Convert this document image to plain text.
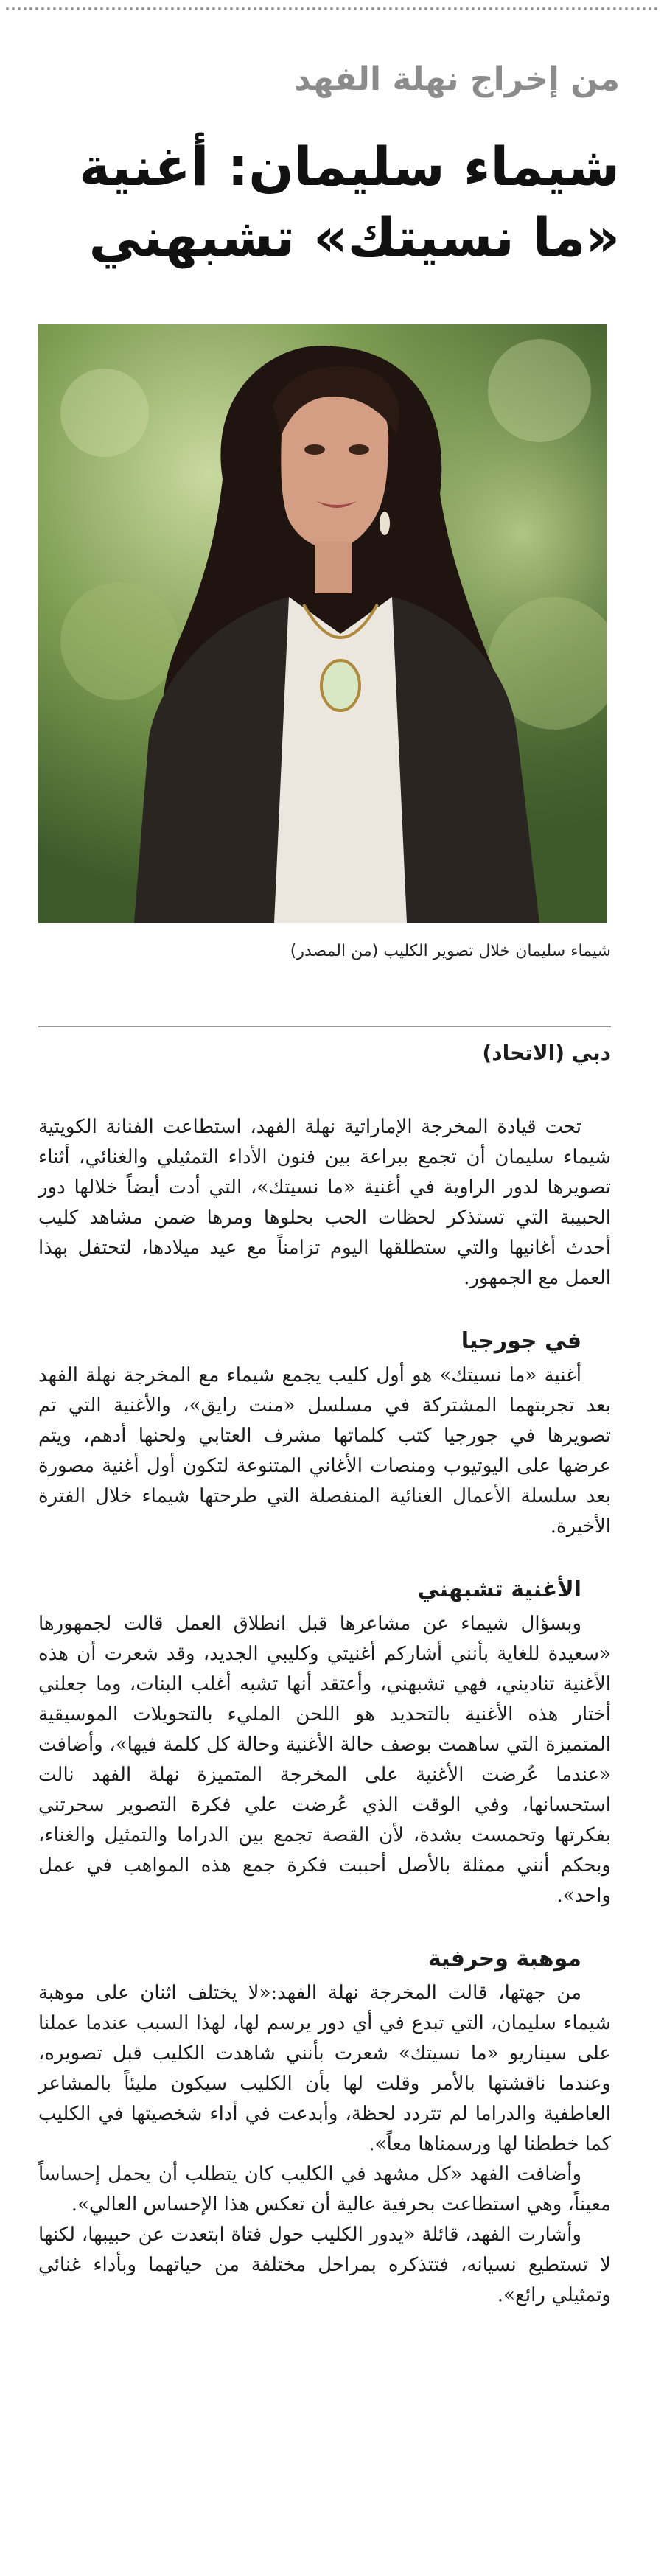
من إخراج نهلة الفهد
شيماء سليمان: أغنية
«ما نسيتك» تشبهني
شيماء سليمان خلال تصوير الكليب (من المصدر)

دبي (الاتحاد)

تحت قيادة المخرجة الإماراتية نهلة الفهد، استطاعت الفنانة الكويتية شيماء سليمان أن تجمع ببراعة بين فنون الأداء التمثيلي والغنائي، أثناء تصويرها لدور الراوية في أغنية «ما نسيتك»، التي أدت أيضاً خلالها دور الحبيبة التي تستذكر لحظات الحب بحلوها ومرها ضمن مشاهد كليب أحدث أغانيها والتي ستطلقها اليوم تزامناً مع عيد ميلادها، لتحتفل بهذا العمل مع الجمهور.

في جورجيا

أغنية «ما نسيتك» هو أول كليب يجمع شيماء مع المخرجة نهلة الفهد بعد تجربتهما المشتركة في مسلسل «منت رايق»، والأغنية التي تم تصويرها في جورجيا كتب كلماتها مشرف العتابي ولحنها أدهم، ويتم عرضها على اليوتيوب ومنصات الأغاني المتنوعة لتكون أول أغنية مصورة بعد سلسلة الأعمال الغنائية المنفصلة التي طرحتها شيماء خلال الفترة الأخيرة.

الأغنية تشبهني

وبسؤال شيماء عن مشاعرها قبل انطلاق العمل قالت لجمهورها «سعيدة للغاية بأنني أشاركم أغنيتي وكليبي الجديد، وقد شعرت أن هذه الأغنية تناديني، فهي تشبهني، وأعتقد أنها تشبه أغلب البنات، وما جعلني أختار هذه الأغنية بالتحديد هو اللحن المليء بالتحويلات الموسيقية المتميزة التي ساهمت بوصف حالة الأغنية وحالة كل كلمة فيها»، وأضافت «عندما عُرضت الأغنية على المخرجة المتميزة نهلة الفهد نالت استحسانها، وفي الوقت الذي عُرضت علي فكرة التصوير سحرتني بفكرتها وتحمست بشدة، لأن القصة تجمع بين الدراما والتمثيل والغناء، وبحكم أنني ممثلة بالأصل أحببت فكرة جمع هذه المواهب في عمل واحد».

موهبة وحرفية

من جهتها، قالت المخرجة نهلة الفهد:«لا يختلف اثنان على موهبة شيماء سليمان، التي تبدع في أي دور يرسم لها، لهذا السبب عندما عملنا على سيناريو «ما نسيتك» شعرت بأنني شاهدت الكليب قبل تصويره، وعندما ناقشتها بالأمر وقلت لها بأن الكليب سيكون مليئاً بالمشاعر العاطفية والدراما لم تتردد لحظة، وأبدعت في أداء شخصيتها في الكليب كما خططنا لها ورسمناها معاً».

وأضافت الفهد «كل مشهد في الكليب كان يتطلب أن يحمل إحساساً معيناً، وهي استطاعت بحرفية عالية أن تعكس هذا الإحساس العالي».

وأشارت الفهد، قائلة «يدور الكليب حول فتاة ابتعدت عن حبيبها، لكنها لا تستطيع نسيانه، فتتذكره بمراحل مختلفة من حياتهما وبأداء غنائي وتمثيلي رائع».
